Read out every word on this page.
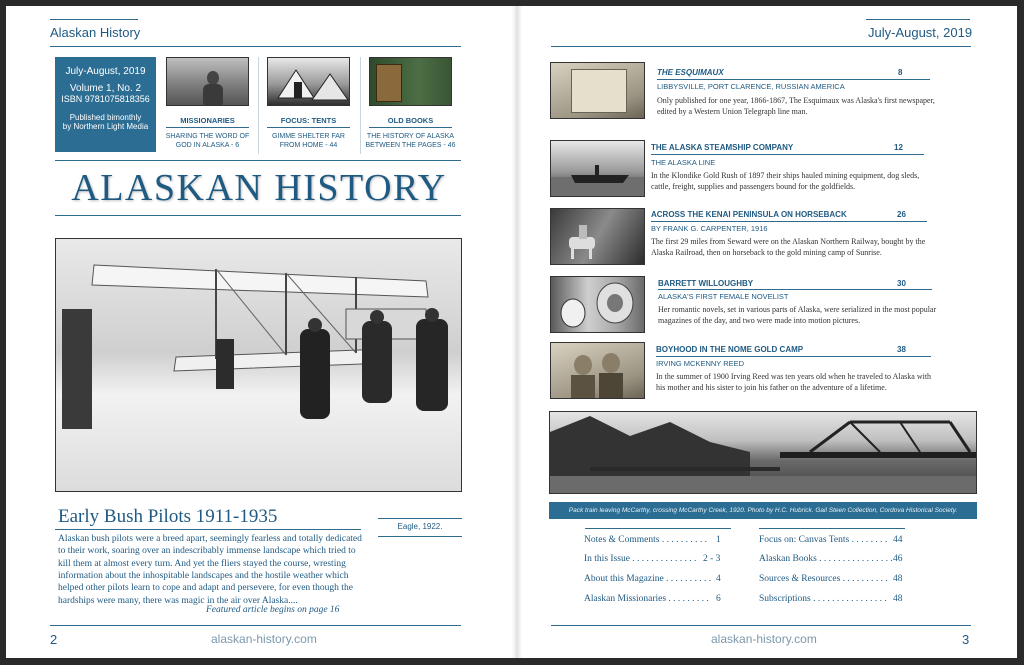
Alaskan History
July-August, 2019
Volume 1, No. 2
ISBN 9781075818356
Published bimonthly
by Northern Light Media
MISSIONARIES
SHARING THE WORD OF
GOD IN ALASKA - 6
FOCUS: TENTS
GIMME SHELTER FAR
FROM HOME - 44
OLD BOOKS
THE HISTORY OF ALASKA
BETWEEN THE PAGES - 46
ALASKAN HISTORY
Early Bush Pilots 1911-1935	Eagle, 1922.
Alaskan bush pilots were a breed apart, seemingly fearless and totally dedicated to their work, soaring over an indescribably immense landscape which tried to kill them at almost every turn. And yet the fliers stayed the course, wresting information about the inhospitable landscapes and the hostile weather which helped other pilots learn to cope and adapt and persevere, for even though the hardships were many, there was magic in the air over Alaska....
Featured article begins on page 16
2	alaskan-history.com
July-August, 2019
THE ESQUIMAUX	8
LIBBYSVILLE, PORT CLARENCE, RUSSIAN AMERICA
Only published for one year, 1866-1867, The Esquimaux was Alaska's first newspaper, edited by a Western Union Telegraph line man.
THE ALASKA STEAMSHIP COMPANY	12
THE ALASKA LINE
In the Klondike Gold Rush of 1897 their ships hauled mining equipment, dog sleds, cattle, freight, supplies and passengers bound for the goldfields.
ACROSS THE KENAI PENINSULA ON HORSEBACK	26
BY FRANK G. CARPENTER, 1916
The first 29 miles from Seward were on the Alaskan Northern Railway, bought by the Alaska Railroad, then on horseback to the gold mining camp of Sunrise.
BARRETT WILLOUGHBY	30
ALASKA'S FIRST FEMALE NOVELIST
Her romantic novels, set in various parts of Alaska, were serialized in the most popular magazines of the day, and two were made into motion pictures.
BOYHOOD IN THE NOME GOLD CAMP	38
IRVING MCKENNY REED
In the summer of 1900 Irving Reed was ten years old when he traveled to Alaska with his mother and his sister to join his father on the adventure of a lifetime.
Pack train leaving McCarthy, crossing McCarthy Creek, 1920. Photo by H.C. Hubrick. Gail Steen Collection, Cordova Historical Society.
Notes & Comments . . . . . . . . . . 1
In this Issue . . . . . . . . . . . . . . 2 - 3
About this Magazine . . . . . . . . . . 4
Alaskan Missionaries . . . . . . . . . 6
Focus on: Canvas Tents . . . . . . . . 44
Alaskan Books . . . . . . . . . . . . . . . . 46
Sources & Resources . . . . . . . . . . 48
Subscriptions . . . . . . . . . . . . . . . . 48
alaskan-history.com	3
